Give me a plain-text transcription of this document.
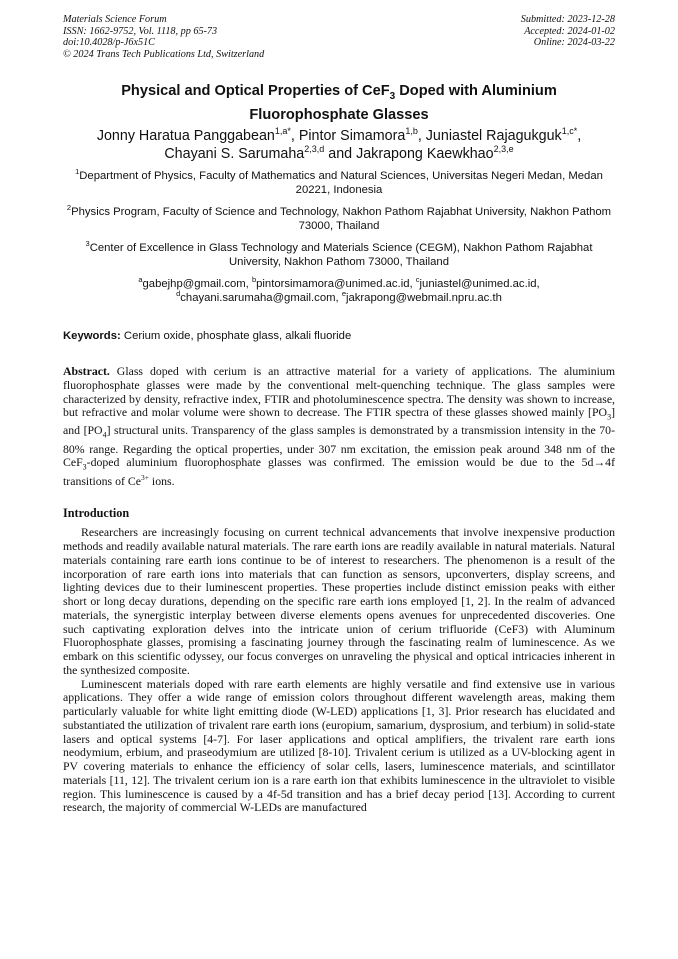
Materials Science Forum
ISSN: 1662-9752, Vol. 1118, pp 65-73
doi:10.4028/p-J6x51C
© 2024 Trans Tech Publications Ltd, Switzerland
Submitted: 2023-12-28
Accepted: 2024-01-02
Online: 2024-03-22
Physical and Optical Properties of CeF$_3$ Doped with Aluminium Fluorophosphate Glasses
Jonny Haratua Panggabean$^{1,a*}$, Pintor Simamora$^{1,b}$, Juniastel Rajagukguk$^{1,c*}$,
Chayani S. Sarumaha$^{2,3,d}$ and Jakrapong Kaewkhao$^{2,3,e}$
$^1$Department of Physics, Faculty of Mathematics and Natural Sciences, Universitas Negeri Medan, Medan 20221, Indonesia
$^2$Physics Program, Faculty of Science and Technology, Nakhon Pathom Rajabhat University, Nakhon Pathom 73000, Thailand
$^3$Center of Excellence in Glass Technology and Materials Science (CEGM), Nakhon Pathom Rajabhat University, Nakhon Pathom 73000, Thailand
$^a$gabejhp@gmail.com, $^b$pintorsimamora@unimed.ac.id, $^c$juniastel@unimed.ac.id,
$^d$chayani.sarumaha@gmail.com, $^e$jakrapong@webmail.npru.ac.th
Keywords: Cerium oxide, phosphate glass, alkali fluoride
Abstract. Glass doped with cerium is an attractive material for a variety of applications. The aluminium fluorophosphate glasses were made by the conventional melt-quenching technique. The glass samples were characterized by density, refractive index, FTIR and photoluminescence spectra. The density was shown to increase, but refractive and molar volume were shown to decrease. The FTIR spectra of these glasses showed mainly $[PO_3]$ and $[PO_4]$ structural units. Transparency of the glass samples is demonstrated by a transmission intensity in the 70-80% range. Regarding the optical properties, under 307 nm excitation, the emission peak around 348 nm of the CeF$_3$-doped aluminium fluorophosphate glasses was confirmed. The emission would be due to the 5d→4f transitions of $Ce^{3+}$ ions.
Introduction
Researchers are increasingly focusing on current technical advancements that involve inexpensive production methods and readily available natural materials. The rare earth ions are readily available in natural materials. Natural materials containing rare earth ions continue to be of interest to researchers. The phenomenon is a result of the incorporation of rare earth ions into materials that can function as sensors, upconverters, display screens, and lighting devices due to their luminescent properties. These properties include distinct emission peaks with either short or long decay durations, depending on the specific rare earth ions employed [1, 2]. In the realm of advanced materials, the synergistic interplay between diverse elements opens avenues for unprecedented discoveries. One such captivating exploration delves into the intricate union of cerium trifluoride (CeF3) with Aluminum Fluorophosphate glasses, promising a fascinating journey through the fascinating realm of luminescence. As we embark on this scientific odyssey, our focus converges on unraveling the physical and optical intricacies inherent in the synthesized composite.
Luminescent materials doped with rare earth elements are highly versatile and find extensive use in various applications. They offer a wide range of emission colors throughout different wavelength areas, making them particularly valuable for white light emitting diode (W-LED) applications [1, 3]. Prior research has elucidated and substantiated the utilization of trivalent rare earth ions (europium, samarium, dysprosium, and terbium) in solid-state lasers and optical systems [4-7]. For laser applications and optical amplifiers, the trivalent rare earth ions neodymium, erbium, and praseodymium are utilized [8-10]. Trivalent cerium is utilized as a UV-blocking agent in PV covering materials to enhance the efficiency of solar cells, lasers, luminescence materials, and scintillator materials [11, 12]. The trivalent cerium ion is a rare earth ion that exhibits luminescence in the ultraviolet to visible region. This luminescence is caused by a 4f-5d transition and has a brief decay period [13]. According to current research, the majority of commercial W-LEDs are manufactured
